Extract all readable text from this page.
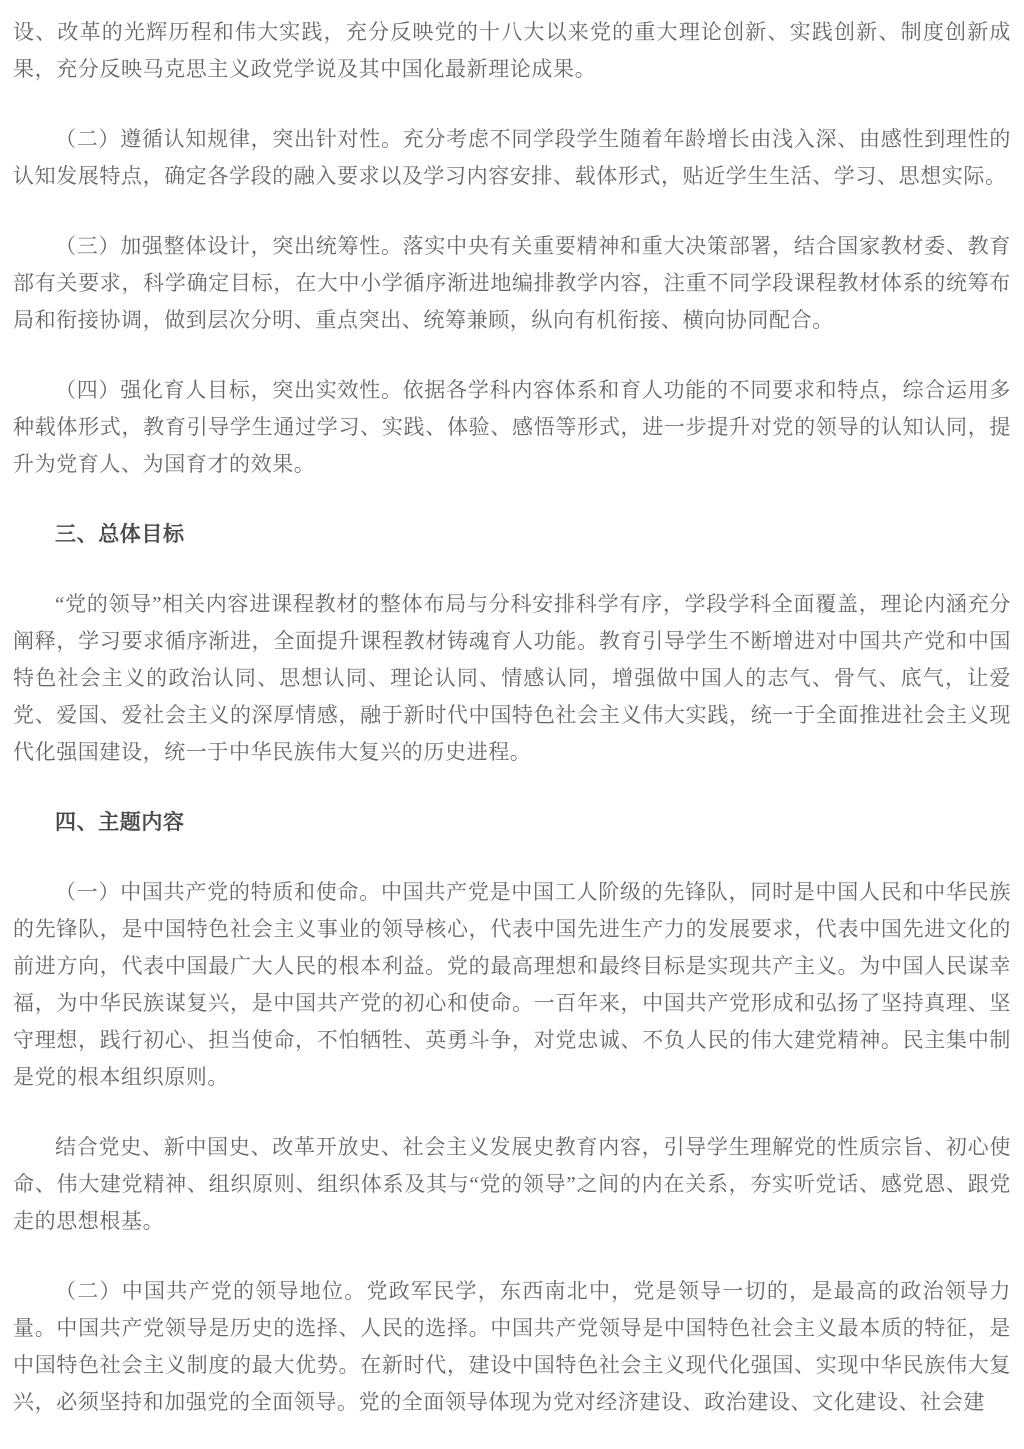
设、改革的光辉历程和伟大实践，充分反映党的十八大以来党的重大理论创新、实践创新、制度创新成果，充分反映马克思主义政党学说及其中国化最新理论成果。

（二）遵循认知规律，突出针对性。充分考虑不同学段学生随着年龄增长由浅入深、由感性到理性的认知发展特点，确定各学段的融入要求以及学习内容安排、载体形式，贴近学生生活、学习、思想实际。

（三）加强整体设计，突出统筹性。落实中央有关重要精神和重大决策部署，结合国家教材委、教育部有关要求，科学确定目标，在大中小学循序渐进地编排教学内容，注重不同学段课程教材体系的统筹布局和衔接协调，做到层次分明、重点突出、统筹兼顾，纵向有机衔接、横向协同配合。

（四）强化育人目标，突出实效性。依据各学科内容体系和育人功能的不同要求和特点，综合运用多种载体形式，教育引导学生通过学习、实践、体验、感悟等形式，进一步提升对党的领导的认知认同，提升为党育人、为国育才的效果。

三、总体目标

“党的领导”相关内容进课程教材的整体布局与分科安排科学有序，学段学科全面覆盖，理论内涵充分阐释，学习要求循序渐进，全面提升课程教材铸魂育人功能。教育引导学生不断增进对中国共产党和中国特色社会主义的政治认同、思想认同、理论认同、情感认同，增强做中国人的志气、骨气、底气，让爱党、爱国、爱社会主义的深厚情感，融于新时代中国特色社会主义伟大实践，统一于全面推进社会主义现代化强国建设，统一于中华民族伟大复兴的历史进程。

四、主题内容

（一）中国共产党的特质和使命。中国共产党是中国工人阶级的先锋队，同时是中国人民和中华民族的先锋队，是中国特色社会主义事业的领导核心，代表中国先进生产力的发展要求，代表中国先进文化的前进方向，代表中国最广大人民的根本利益。党的最高理想和最终目标是实现共产主义。为中国人民谋幸福，为中华民族谋复兴，是中国共产党的初心和使命。一百年来，中国共产党形成和弘扬了坚持真理、坚守理想，践行初心、担当使命，不怕牺牲、英勇斗争，对党忠诚、不负人民的伟大建党精神。民主集中制是党的根本组织原则。

结合党史、新中国史、改革开放史、社会主义发展史教育内容，引导学生理解党的性质宗旨、初心使命、伟大建党精神、组织原则、组织体系及其与“党的领导”之间的内在关系，夯实听党话、感党恩、跟党走的思想根基。

（二）中国共产党的领导地位。党政军民学，东西南北中，党是领导一切的，是最高的政治领导力量。中国共产党领导是历史的选择、人民的选择。中国共产党领导是中国特色社会主义最本质的特征，是中国特色社会主义制度的最大优势。在新时代，建设中国特色社会主义现代化强国、实现中华民族伟大复兴，必须坚持和加强党的全面领导。党的全面领导体现为党对经济建设、政治建设、文化建设、社会建
